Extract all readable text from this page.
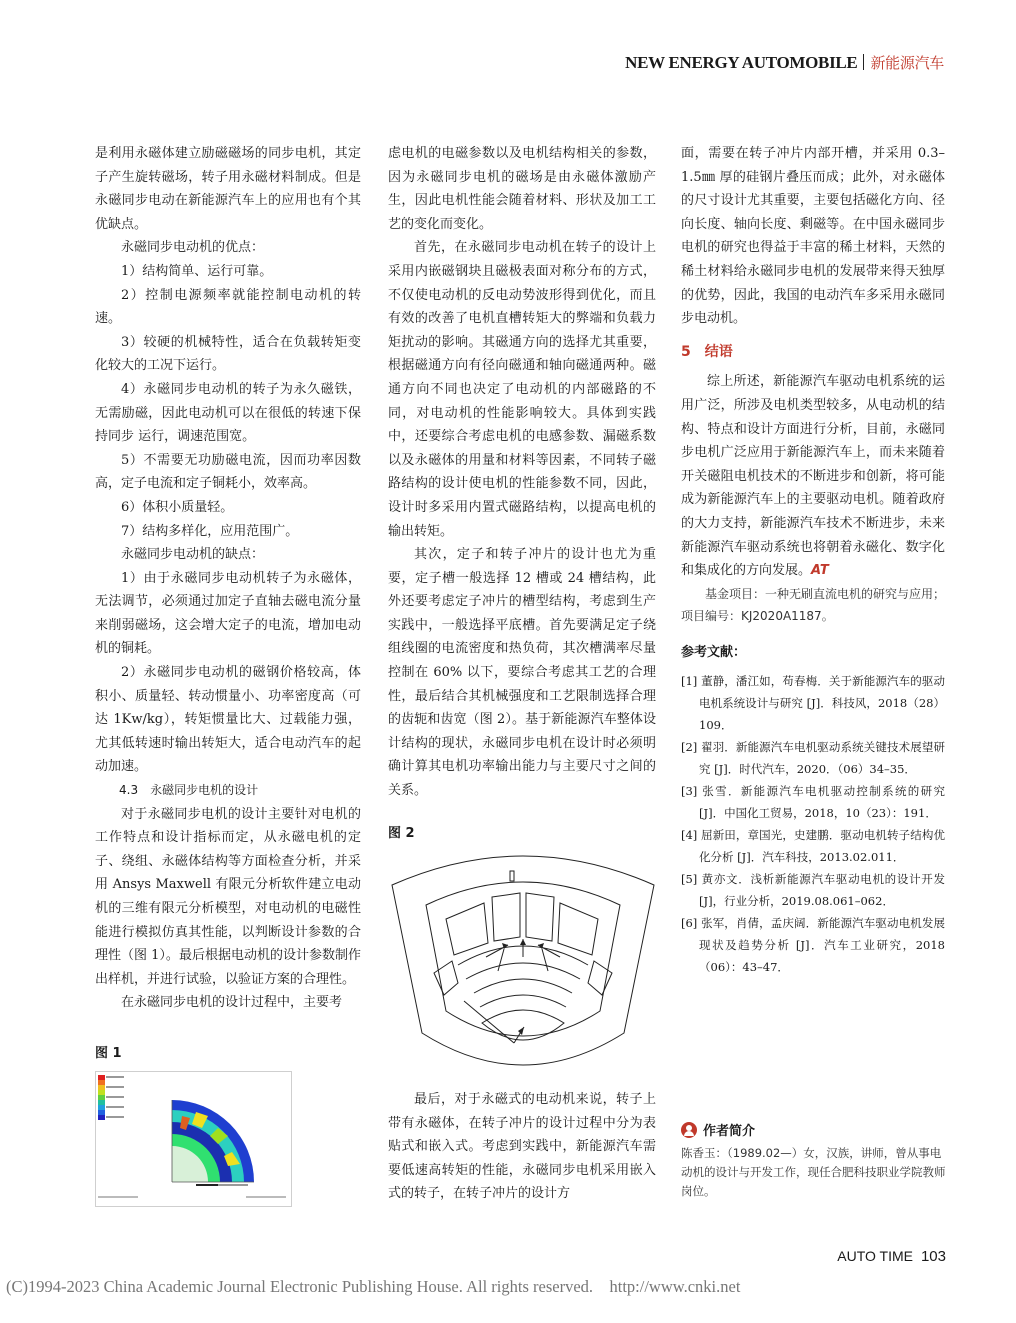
NEW ENERGY AUTOMOBILE 新能源汽车

是利用永磁体建立励磁磁场的同步电机，其定子产生旋转磁场，转子用永磁材料制成。但是永磁同步电动在新能源汽车上的应用也有个其优缺点。

永磁同步电动机的优点：

1）结构简单、运行可靠。

2）控制电源频率就能控制电动机的转速。

3）较硬的机械特性，适合在负载转矩变化较大的工况下运行。

4）永磁同步电动机的转子为永久磁铁，无需励磁，因此电动机可以在很低的转速下保持同步 运行，调速范围宽。

5）不需要无功励磁电流，因而功率因数高，定子电流和定子铜耗小，效率高。

6）体积小质量轻。

7）结构多样化，应用范围广。

永磁同步电动机的缺点：

1）由于永磁同步电动机转子为永磁体，无法调节，必须通过加定子直轴去磁电流分量来削弱磁场，这会增大定子的电流，增加电动机的铜耗。

2）永磁同步电动机的磁钢价格较高，体积小、质量轻、转动惯量小、功率密度高（可达 1Kw/kg），转矩惯量比大、过载能力强，尤其低转速时输出转矩大，适合电动汽车的起动加速。

4.3　永磁同步电机的设计

对于永磁同步电机的设计主要针对电机的工作特点和设计指标而定，从永磁电机的定子、绕组、永磁体结构等方面检查分析，并采用 Ansys Maxwell 有限元分析软件建立电动机的三维有限元分析模型，对电动机的电磁性能进行模拟仿真其性能，以判断设计参数的合理性（图 1）。最后根据电动机的设计参数制作出样机，并进行试验，以验证方案的合理性。

在永磁同步电机的设计过程中，主要考

图 1

虑电机的电磁参数以及电机结构相关的参数，因为永磁同步电机的磁场是由永磁体激励产生，因此电机性能会随着材料、形状及加工工艺的变化而变化。

首先，在永磁同步电动机在转子的设计上采用内嵌磁钢块且磁极表面对称分布的方式，不仅使电动机的反电动势波形得到优化，而且有效的改善了电机直槽转矩大的弊端和负载力矩扰动的影响。其磁通方向的选择尤其重要，根据磁通方向有径向磁通和轴向磁通两种。磁通方向不同也决定了电动机的内部磁路的不同，对电动机的性能影响较大。具体到实践中，还要综合考虑电机的电感参数、漏磁系数以及永磁体的用量和材料等因素，不同转子磁路结构的设计使电机的性能参数不同，因此，设计时多采用内置式磁路结构，以提高电机的输出转矩。

其次，定子和转子冲片的设计也尤为重要，定子槽一般选择 12 槽或 24 槽结构，此外还要考虑定子冲片的槽型结构，考虑到生产实践中，一般选择平底槽。首先要满足定子绕组线圈的电流密度和热负荷，其次槽满率尽量控制在 60% 以下，要综合考虑其工艺的合理性，最后结合其机械强度和工艺限制选择合理的齿轭和齿宽（图 2）。基于新能源汽车整体设计结构的现状，永磁同步电机在设计时必须明确计算其电机功率输出能力与主要尺寸之间的关系。

图 2

最后，对于永磁式的电动机来说，转子上带有永磁体，在转子冲片的设计过程中分为表贴式和嵌入式。考虑到实践中，新能源汽车需要低速高转矩的性能，永磁同步电机采用嵌入式的转子，在转子冲片的设计方

面，需要在转子冲片内部开槽，并采用 0.3–1.5㎜ 厚的硅钢片叠压而成；此外，对永磁体的尺寸设计尤其重要，主要包括磁化方向、径向长度、轴向长度、剩磁等。在中国永磁同步电机的研究也得益于丰富的稀土材料，天然的稀土材料给永磁同步电机的发展带来得天独厚的优势，因此，我国的电动汽车多采用永磁同步电动机。

5　结语

综上所述，新能源汽车驱动电机系统的运用广泛，所涉及电机类型较多，从电动机的结构、特点和设计方面进行分析，目前，永磁同步电机广泛应用于新能源汽车上，而未来随着开关磁阻电机技术的不断进步和创新，将可能成为新能源汽车上的主要驱动电机。随着政府的大力支持，新能源汽车技术不断进步，未来新能源汽车驱动系统也将朝着永磁化、数字化和集成化的方向发展。AT

基金项目：一种无刷直流电机的研究与应用；项目编号：KJ2020A1187。

参考文献：

[1] 董静，潘江如，苟春梅．关于新能源汽车的驱动电机系统设计与研究 [J]．科技风，2018（28）109．

[2] 翟羽．新能源汽车电机驱动系统关键技术展望研究 [J]．时代汽车，2020．（06）34–35．

[3] 张雪．新能源汽车电机驱动控制系统的研究 [J]．中国化工贸易，2018，10（23）：191．

[4] 屈新田，章国光，史建鹏．驱动电机转子结构优化分析 [J]．汽车科技，2013.02.011．

[5] 黄亦文．浅析新能源汽车驱动电机的设计开发 [J]，行业分析，2019.08.061–062．

[6] 张军，肖倩，孟庆阔．新能源汽车驱动电机发展现状及趋势分析 [J]．汽车工业研究，2018（06）：43–47．

作者简介
陈香玉：（1989.02—）女，汉族，讲师，曾从事电动机的设计与开发工作，现任合肥科技职业学院教师岗位。
AUTO TIME 103
(C)1994-2023 China Academic Journal Electronic Publishing House. All rights reserved.　http://www.cnki.net
